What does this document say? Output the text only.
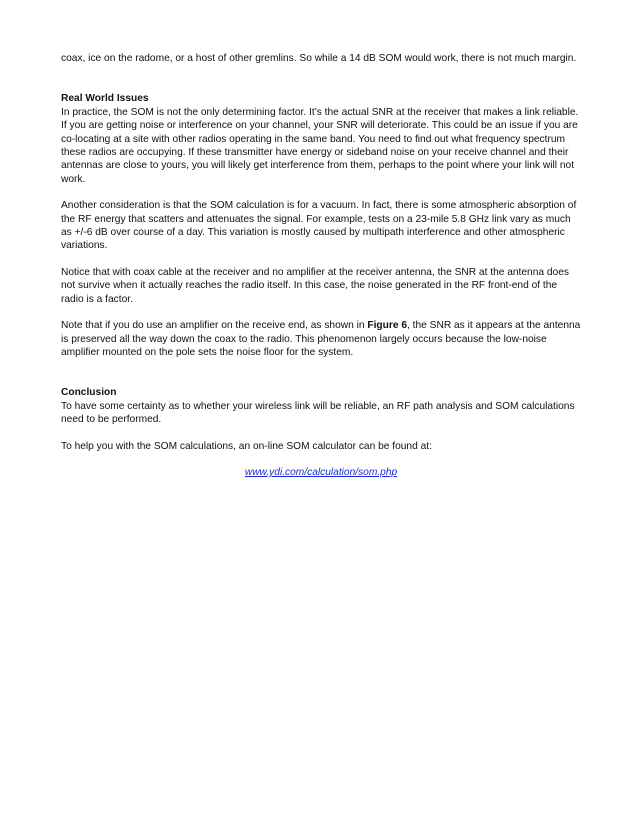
coax, ice on the radome, or a host of other gremlins. So while a 14 dB SOM would work, there is not much margin.

Real World Issues

In practice, the SOM is not the only determining factor. It’s the actual SNR at the receiver that makes a link reliable. If you are getting noise or interference on your channel, your SNR will deteriorate. This could be an issue if you are co-locating at a site with other radios operating in the same band. You need to find out what frequency spectrum these radios are occupying. If these transmitter have energy or sideband noise on your receive channel and their antennas are close to yours, you will likely get interference from them, perhaps to the point where your link will not work.

Another consideration is that the SOM calculation is for a vacuum. In fact, there is some atmospheric absorption of the RF energy that scatters and attenuates the signal. For example, tests on a 23-mile 5.8 GHz link vary as much as +/-6 dB over course of a day. This variation is mostly caused by multipath interference and other atmospheric variations.

Notice that with coax cable at the receiver and no amplifier at the receiver antenna, the SNR at the antenna does not survive when it actually reaches the radio itself. In this case, the noise generated in the RF front-end of the radio is a factor.

Note that if you do use an amplifier on the receive end, as shown in Figure 6, the SNR as it appears at the antenna is preserved all the way down the coax to the radio. This phenomenon largely occurs because the low-noise amplifier mounted on the pole sets the noise floor for the system.

Conclusion

To have some certainty as to whether your wireless link will be reliable, an RF path analysis and SOM calculations need to be performed.

To help you with the SOM calculations, an on-line SOM calculator can be found at:

www.ydi.com/calculation/som.php
